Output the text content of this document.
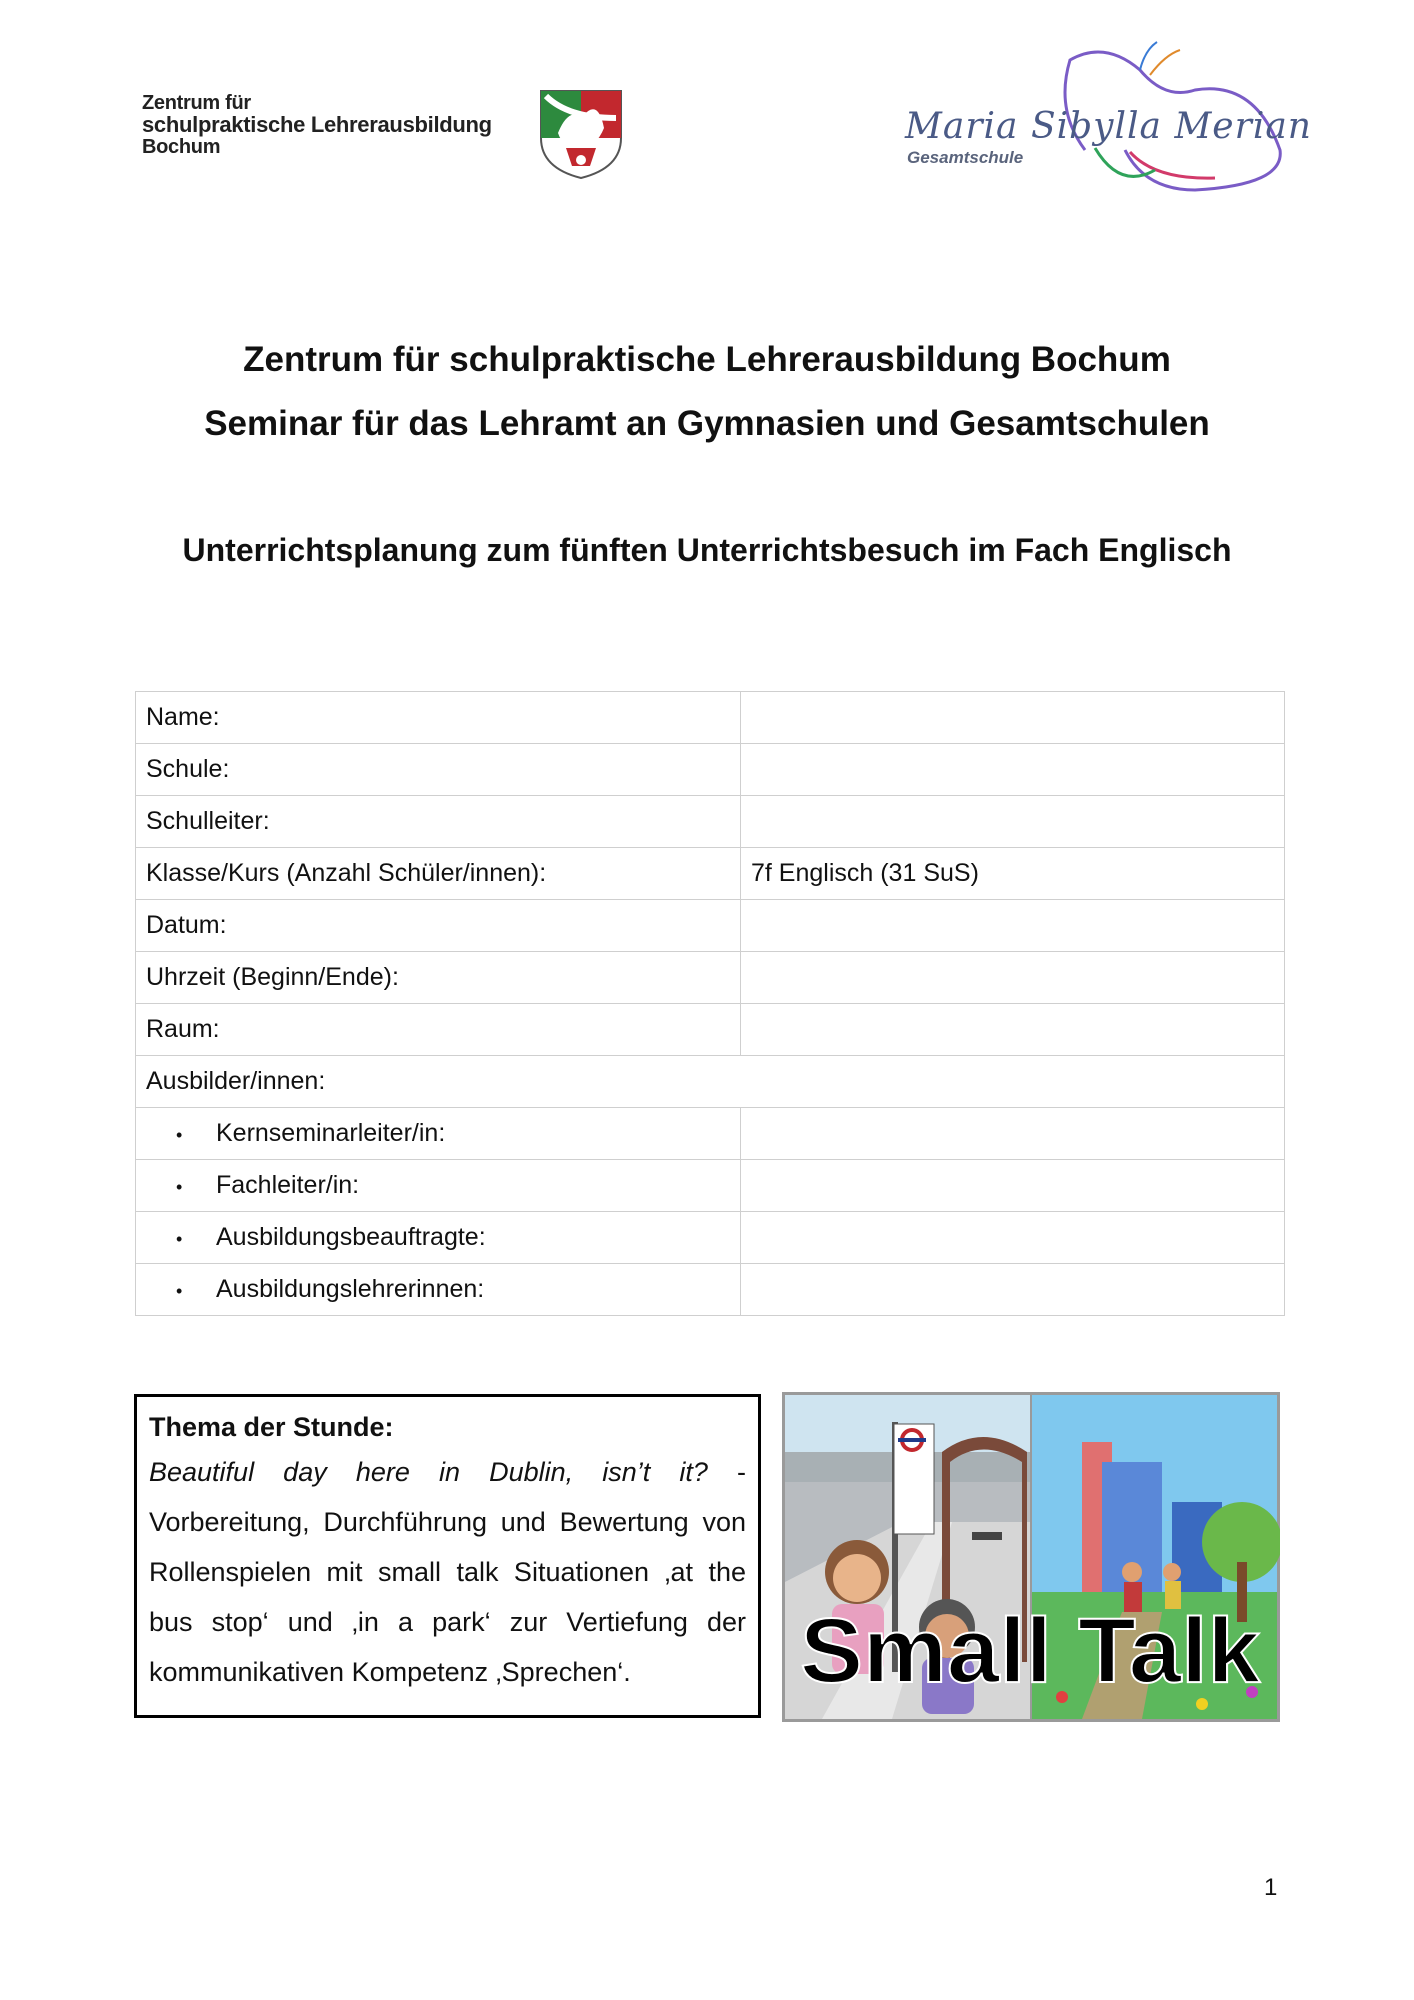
Zentrum für
schulpraktische Lehrerausbildung
Bochum	Maria Sibylla Merian
Gesamtschule
Zentrum für schulpraktische Lehrerausbildung Bochum
Seminar für das Lehramt an Gymnasien und Gesamtschulen
Unterrichtsplanung zum fünften Unterrichtsbesuch im Fach Englisch
Name:	
Schule:	
Schulleiter:	
Klasse/Kurs (Anzahl Schüler/innen):	7f Englisch (31 SuS)
Datum:	
Uhrzeit (Beginn/Ende):	
Raum:	
Ausbilder/innen:	
• Kernseminarleiter/in:	
• Fachleiter/in:	
• Ausbildungsbeauftragte:	
• Ausbildungslehrerinnen:	
Thema der Stunde:
Beautiful day here in Dublin, isn’t it? - Vorbereitung, Durchführung und Bewertung von Rollenspielen mit small talk Situationen ‚at the bus stop‘ und ‚in a park‘ zur Vertiefung der kommunikativen Kompetenz ‚Sprechen‘.	Small Talk
1
